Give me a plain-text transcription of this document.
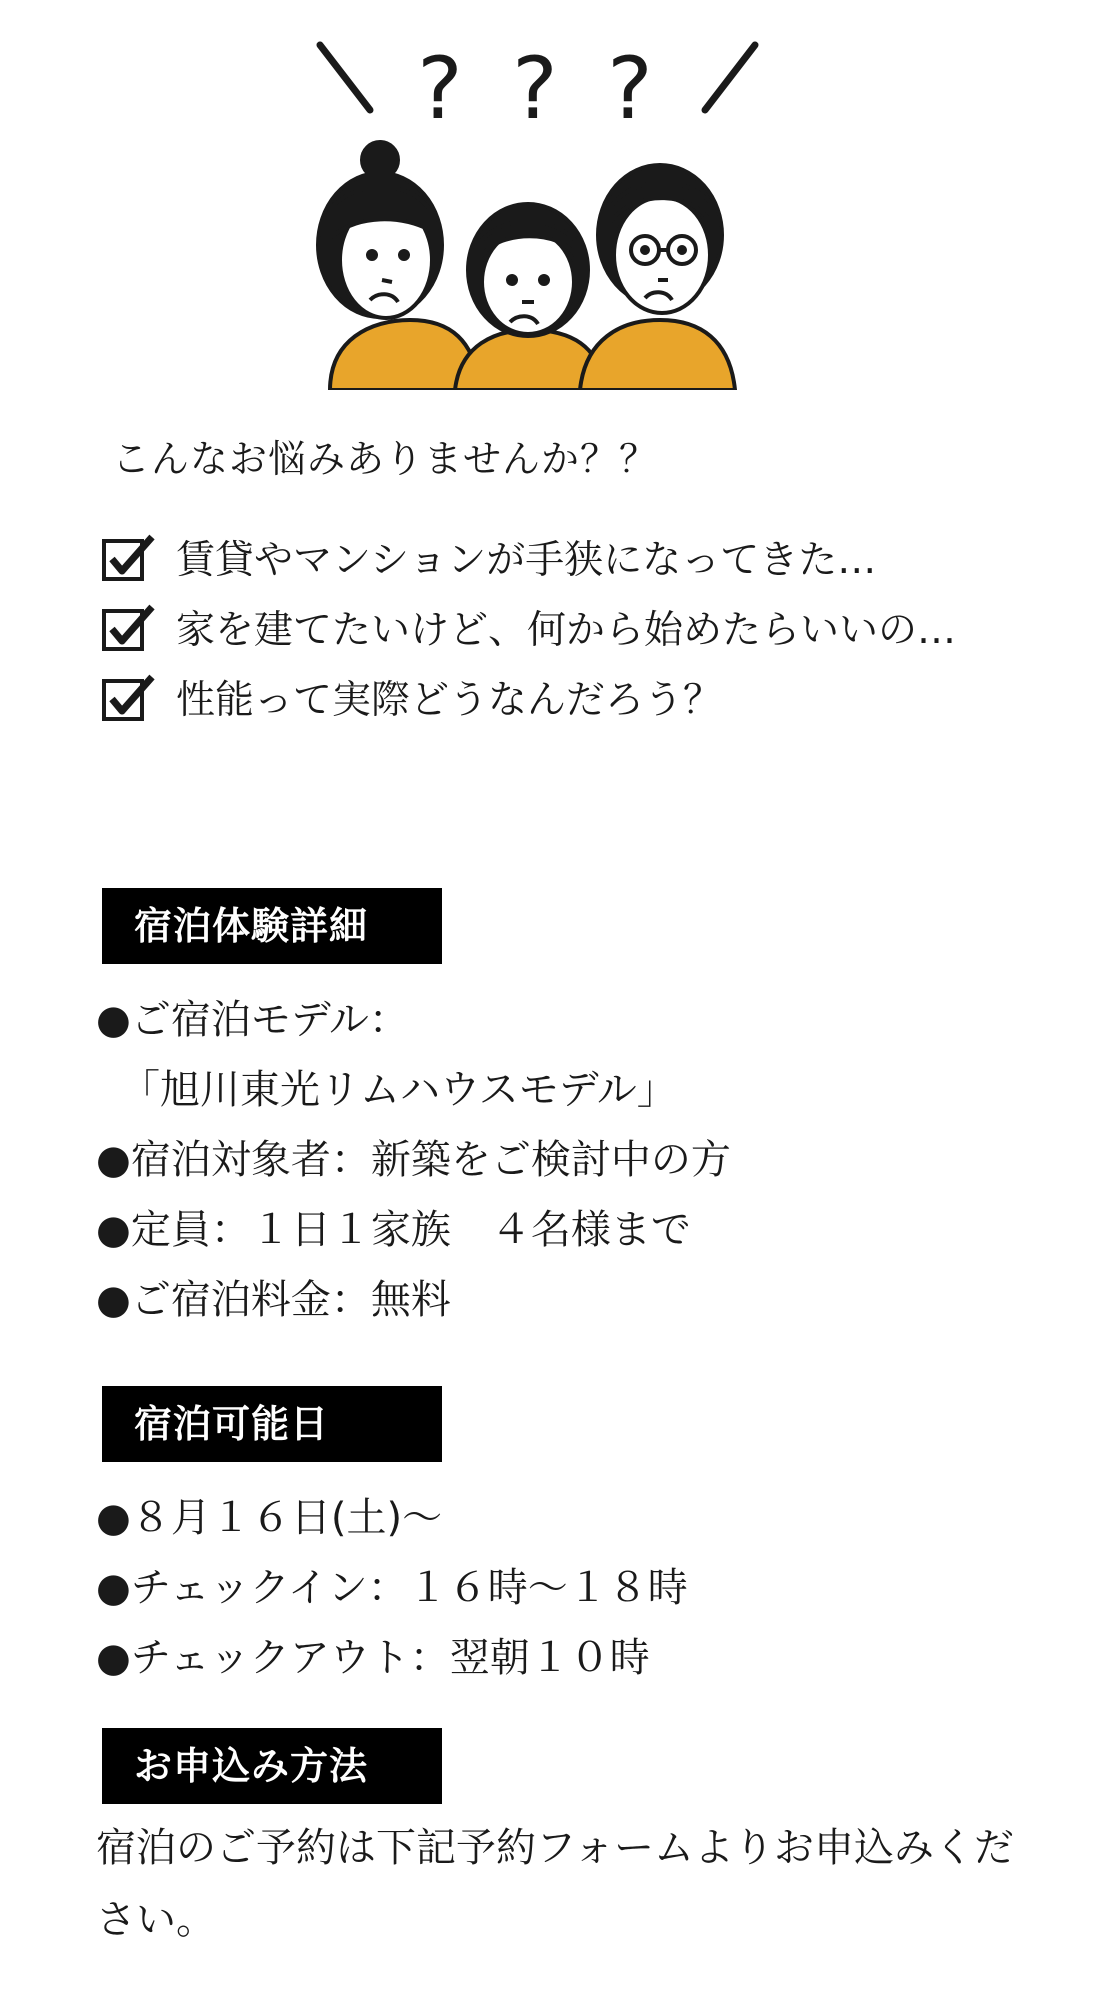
? ? ?
こんなお悩みありませんか？？
賃貸やマンションが手狭になってきた…
家を建てたいけど、何から始めたらいいの…
性能って実際どうなんだろう？
宿泊体験詳細
●ご宿泊モデル：
「旭川東光リムハウスモデル」
●宿泊対象者：新築をご検討中の方
●定員：１日１家族　４名様まで
●ご宿泊料金：無料
宿泊可能日
●８月１６日(土)～
●チェックイン：１６時～１８時
●チェックアウト：翌朝１０時
お申込み方法
宿泊のご予約は下記予約フォームよりお申込みください。
